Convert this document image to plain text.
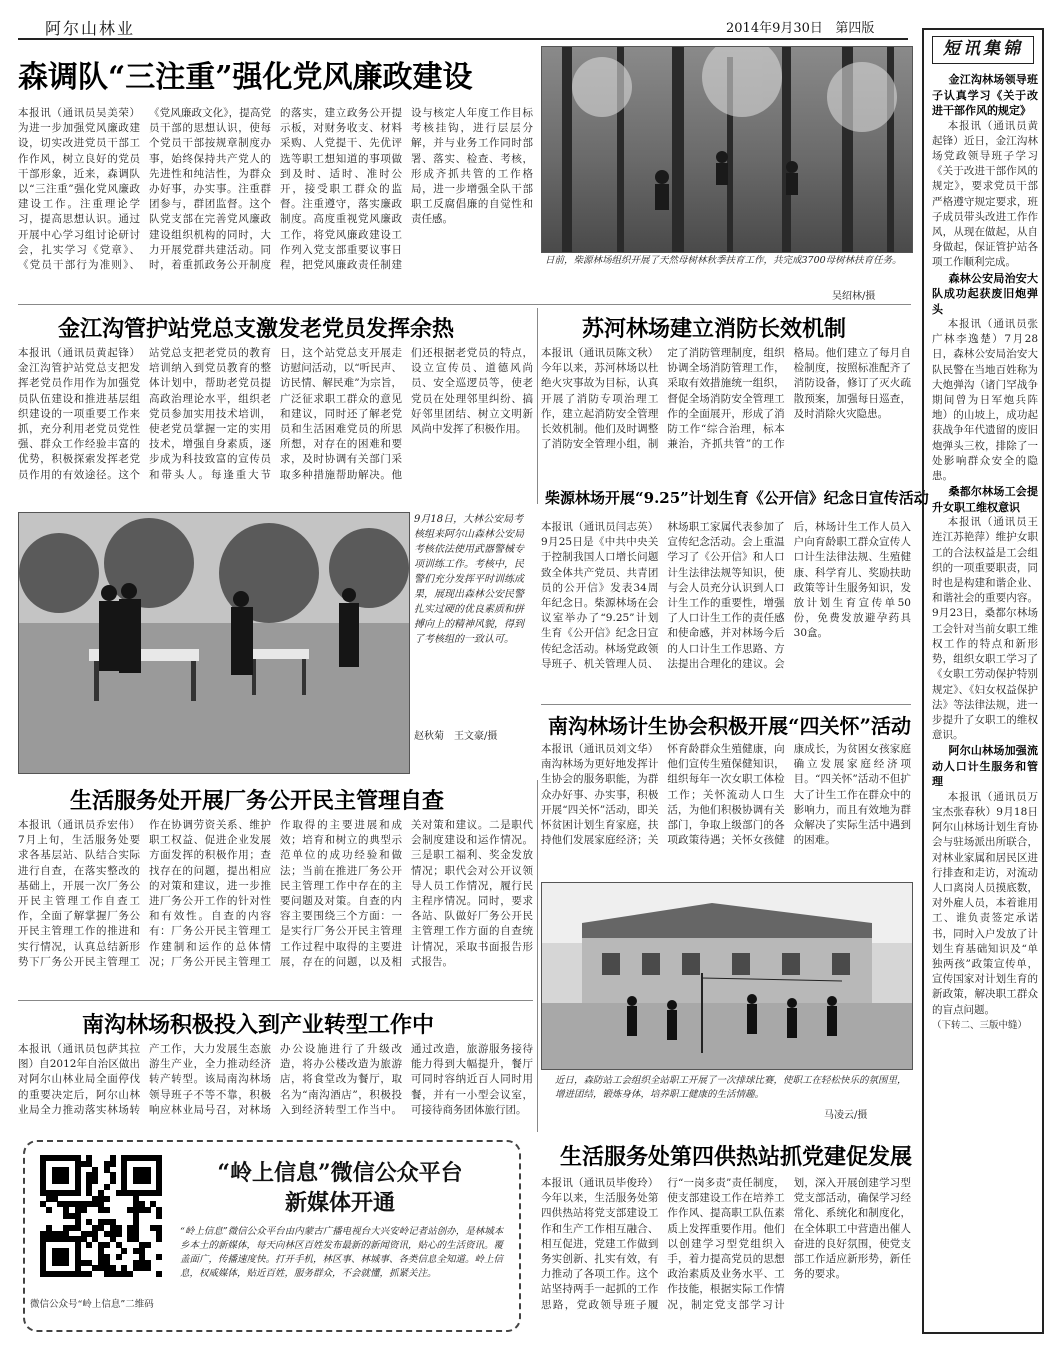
阿尔山林业	2014年9月30日 第四版
森调队“三注重”强化党风廉政建设
本报讯（通讯员吴美荣）为进一步加强党风廉政建设，切实改进党员干部工作作风，树立良好的党员干部形象，近来，森调队以“三注重”强化党风廉政建设工作。注重理论学习，提高思想认识。通过开展中心学习组讨论研讨会，扎实学习《党章》、《党员干部行为准则》、《党风廉政文化》，提高党员干部的思想认识，使每个党员干部按规章制度办事，始终保持共产党人的先进性和纯洁性，为群众办好事，办实事。注重群团参与，群团监督。这个队党支部在完善党风廉政建设组织机构的同时，大力开展党群共建活动。同时，着重抓政务公开制度的落实，建立政务公开提示板，对财务收支、材料采购、人党提干、先优评选等职工想知道的事项做到及时、适时、准时公开，接受职工群众的监督。注重遵守，落实廉政制度。高度重视党风廉政工作，将党风廉政建设工作列入党支部重要议事日程，把党风廉政责任制建设与核定人年度工作目标考核挂钩，进行层层分解，并与业务工作同时部署、落实、检查、考核，形成齐抓共管的工作格局，进一步增强全队干部职工反腐倡廉的自觉性和责任感。
日前，柴源林场组织开展了天然母树林秋季扶育工作，共完成3700母树林扶育任务。
吴绍林/摄
金江沟管护站党总支激发老党员发挥余热
本报讯（通讯员黄起锋）金江沟管护站党总支把发挥老党员作用作为加强党员队伍建设和推进基层组织建设的一项重要工作来抓，充分利用老党员党性强、群众工作经验丰富的优势，积极探索发挥老党员作用的有效途径。这个站党总支把老党员的教育培训纳入到党员教育的整体计划中，帮助老党员提高政治理论水平，组织老党员参加实用技术培训，使老党员掌握一定的实用技术，增强自身素质，逐步成为科技致富的宣传员和带头人。每逢重大节日，这个站党总支开展走访慰问活动，以“听民声、访民情、解民难”为宗旨，广泛征求职工群众的意见和建议，同时还了解老党员和生活困难党员的所思所想，对存在的困难和要求，及时协调有关部门采取多种措施帮助解决。他们还根据老党员的特点，设立宣传员、道德风尚员、安全巡逻员等，使老党员在处理邻里纠纷、搞好邻里团结、树立文明新风尚中发挥了积极作用。
苏河林场建立消防长效机制
本报讯（通讯员陈文秋）今年以来，苏河林场以杜绝火灾事故为目标，认真开展了消防专项治理工作，建立起消防安全管理长效机制。他们及时调整了消防安全管理小组，制定了消防管理制度，组织协调全场消防管理工作，采取有效措施统一组织，督促全场消防安全管理工作的全面展开，形成了消防工作“综合治理，标本兼治，齐抓共管”的工作格局。他们建立了每月自检制度，按照标准配齐了消防设备，修订了灭火疏散预案，加强每日巡查，及时消除火灾隐患。
9月18日，大林公安局考核组来阿尔山森林公安局考核依法使用武器警械专项训练工作。考核中，民警们充分发挥平时训练成果，展现出森林公安民警扎实过硬的优良素质和拼搏向上的精神风貌，得到了考核组的一致认可。
赵秋菊　王文豪/摄
柴源林场开展“9.25”计划生育《公开信》纪念日宣传活动
本报讯（通讯员闫志英）9月25日是《中共中央关于控制我国人口增长问题致全体共产党员、共青团员的公开信》发表34周年纪念日。柴源林场在会议室举办了“9.25”计划生育《公开信》纪念日宣传纪念活动。林场党政领导班子、机关管理人员、林场职工家属代表参加了宣传纪念活动。会上重温学习了《公开信》和人口计生法律法规等知识，使与会人员充分认识到人口计生工作的重要性，增强了人口计生工作的责任感和使命感，并对林场今后的人口计生工作思路、方法提出合理化的建议。会后，林场计生工作人员入户向育龄职工群众宣传人口计生法律法规、生殖健康、科学育儿、奖励扶助政策等计生服务知识，发放计划生育宣传单50份，免费发放避孕药具30盒。
南沟林场计生协会积极开展“四关怀”活动
本报讯（通讯员刘文华）南沟林场为更好地发挥计生协会的服务职能，为群众办好事、办实事，积极开展“四关怀”活动，即关怀贫困计划生育家庭，扶持他们发展家庭经济；关怀育龄群众生殖健康，向他们宣传生殖保健知识，组织每年一次女职工体检工作；关怀流动人口生活，为他们积极协调有关部门，争取上级部门的各项政策待遇；关怀女孩健康成长，为贫困女孩家庭确立发展家庭经济项目。“四关怀”活动不但扩大了计生工作在群众中的影响力，而且有效地为群众解决了实际生活中遇到的困难。
生活服务处开展厂务公开民主管理自查
本报讯（通讯员乔宏伟）7月上旬，生活服务处要求各基层站、队结合实际进行自查，在落实整改的基础上，开展一次厂务公开民主管理工作自查工作，全面了解掌握厂务公开民主管理工作的推进和实行情况，认真总结新形势下厂务公开民主管理工作在协调劳资关系、维护职工权益、促进企业发展方面发挥的积极作用；查找存在的问题，提出相应的对策和建议，进一步推进厂务公开工作的针对性和有效性。自查的内容有：厂务公开民主管理工作建制和运作的总体情况；厂务公开民主管理工作取得的主要进展和成效；培育和树立的典型示范单位的成功经验和做法；当前在推进厂务公开民主管理工作中存在的主要问题及对策。自查的内容主要围绕三个方面：一是实行厂务公开民主管理工作过程中取得的主要进展，存在的问题，以及相关对策和建议。二是职代会制度建设和运作情况。三是职工福利、奖金发放情况；职代会对公开议领导人员工作情况，履行民主程序情况。同时，要求各站、队做好厂务公开民主管理工作方面的自查统计情况，采取书面报告形式报告。
近日，森防站工会组织全站职工开展了一次排球比赛，使职工在轻松快乐的氛围里，增进团结，锻炼身体，培养职工健康的生活情趣。
马凌云/摄
南沟林场积极投入到产业转型工作中
本报讯（通讯员包萨其拉图）自2012年自治区做出对阿尔山林业局全面停伐的重要决定后，阿尔山林业局全力推动落实林场转产工作，大力发展生态旅游生产业，全力推动经济转产转型。该局南沟林场领导班子不等不靠，积极响应林业局号召，对林场办公设施进行了升级改造，将办公楼改造为旅游店，将食堂改为餐厅，取名为“南沟酒店”，积极投入到经济转型工作当中。通过改造，旅游服务接待能力得到大幅提升，餐厅可同时容纳近百人同时用餐，并有一小型会议室，可接待商务团体旅行团。
生活服务处第四供热站抓党建促发展
本报讯（通讯员毕俊玲）今年以来，生活服务处第四供热站将党支部建设工作和生产工作相互融合、相互促进，党建工作做到务实创新、扎实有效，有力推动了各项工作。这个站坚持两手一起抓的工作思路，党政领导班子履行“一岗多责”责任制度，使支部建设工作在培养工作作风、提高职工队伍素质上发挥重要作用。他们以创建学习型党组织入手，着力提高党员的思想政治素质及业务水平、工作技能，根据实际工作情况，制定党支部学习计划，深入开展创建学习型党支部活动，确保学习经常化、系统化和制度化，在全体职工中营造出催人奋进的良好氛围，使党支部工作适应新形势，新任务的要求。
“岭上信息”微信公众平台
新媒体开通
“岭上信息”微信公众平台由内蒙古广播电视台大兴安岭记者站创办，是林城本乡本土的新媒体，每天向林区百姓发布最新的新闻资讯，贴心的生活资讯。覆盖面广，传播速度快。打开手机，林区事、林城事、各类信息全知道。岭上信息，权威媒体，贴近百姓，服务群众，不会就懂，抓紧关注。
微信公众号“岭上信息”二维码
短讯集锦
金江沟林场领导班子认真学习《关于改进干部作风的规定》
本报讯（通讯员黄起锋）近日，金江沟林场党政领导班子学习《关于改进干部作风的规定》，要求党员干部严格遵守规定要求，班子成员带头改进工作作风，从现在做起，从自身做起，保证管护站各项工作顺利完成。
森林公安局治安大队成功起获废旧炮弹头
本报讯（通讯员张广林李逸楚）7月28日，森林公安局治安大队民警在当地百姓称为大炮弹沟（诸门罕战争期间曾为日军炮兵阵地）的山坡上，成功起获战争年代遗留的废旧炮弹头三枚，排除了一处影响群众安全的隐患。
桑都尔林场工会提升女职工维权意识
本报讯（通讯员王连江苏艳萍）维护女职工的合法权益是工会组织的一项重要职责，同时也是构建和谐企业、和谐社会的重要内容。9月23日，桑都尔林场工会针对当前女职工维权工作的特点和新形势，组织女职工学习了《女职工劳动保护特别规定》、《妇女权益保护法》等法律法规，进一步提升了女职工的维权意识。
阿尔山林场加强流动人口计生服务和管理
本报讯（通讯员万宝杰张春秋）9月18日阿尔山林场计划生育协会与驻场派出所联合，对林业家属和居民区进行排查和走访，对流动人口离岗人员摸底数，对外雇人员，本着谁用工、谁负责签定承诺书，同时入户发放了计划生育基础知识及“单独两孩”政策宣传单，宣传国家对计划生育的新政策，解决职工群众的盲点问题。
（下转二、三版中缝）
